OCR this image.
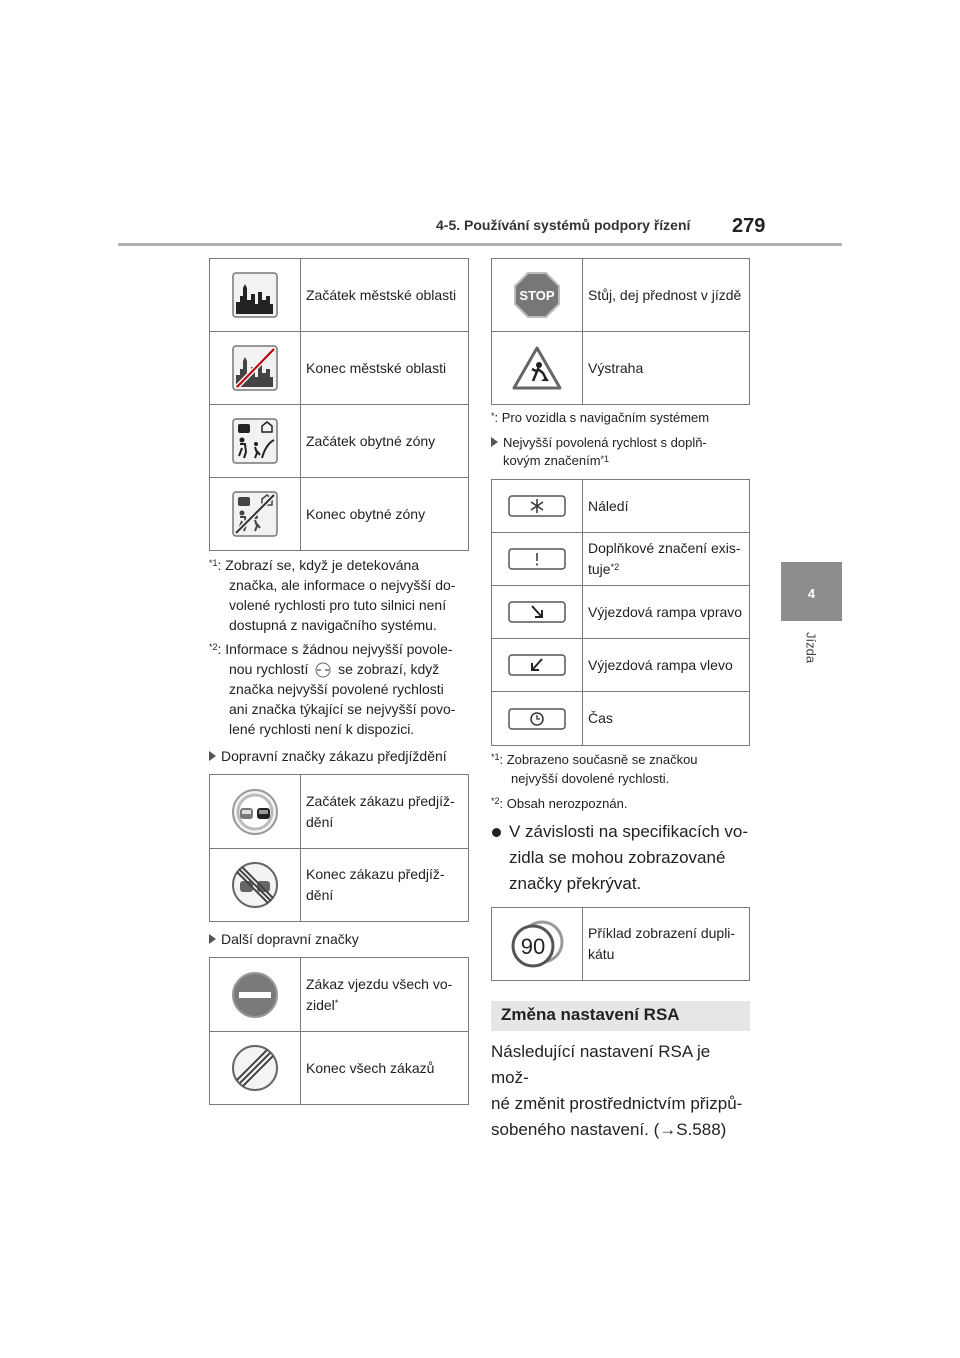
4-5. Používání systémů podpory řízení 279
4
Jízda
	Začátek městské oblasti

	Konec městské oblasti

	Začátek obytné zóny

	Konec obytné zóny
$^{*1}$: Zobrazí se, když je detekována
značka, ale informace o nejvyšší do-
volené rychlosti pro tuto silnici není
dostupná z navigačního systému.
$^{*2}$: Informace s žádnou nejvyšší povole-
nou rychlostí se zobrazí, když
značka nejvyšší povolené rychlosti
ani značka týkající se nejvyšší povo-
lené rychlosti není k dispozici.
Dopravní značky zákazu předjíždění

Začátek zákazu předjíž-
dění

Konec zákazu předjíž-
dění
Další dopravní značky

Zákaz vjezdu všech vo-
zidel*

	Konec všech zákazů
STOP	Stůj, dej přednost v jízdě

	Výstraha
*: Pro vozidla s navigačním systémem
Nejvyšší povolená rychlost s doplň-
kovým značením$^{*1}$
	Náledí

Doplňkové značení exis-
tuje$^{*2}$

	Výjezdová rampa vpravo

	Výjezdová rampa vlevo

	Čas
$^{*1}$: Zobrazeno současně se značkou
nejvyšší dovolené rychlosti.
$^{*2}$: Obsah nerozpoznán.
V závislosti na specifikacích vo-
zidla se mohou zobrazované
značky překrývat.
90

Příklad zobrazení dupli-
kátu
Změna nastavení RSA
Následující nastavení RSA je mož-
né změnit prostřednictvím přizpů-
sobeného nastavení. (→S.588)
